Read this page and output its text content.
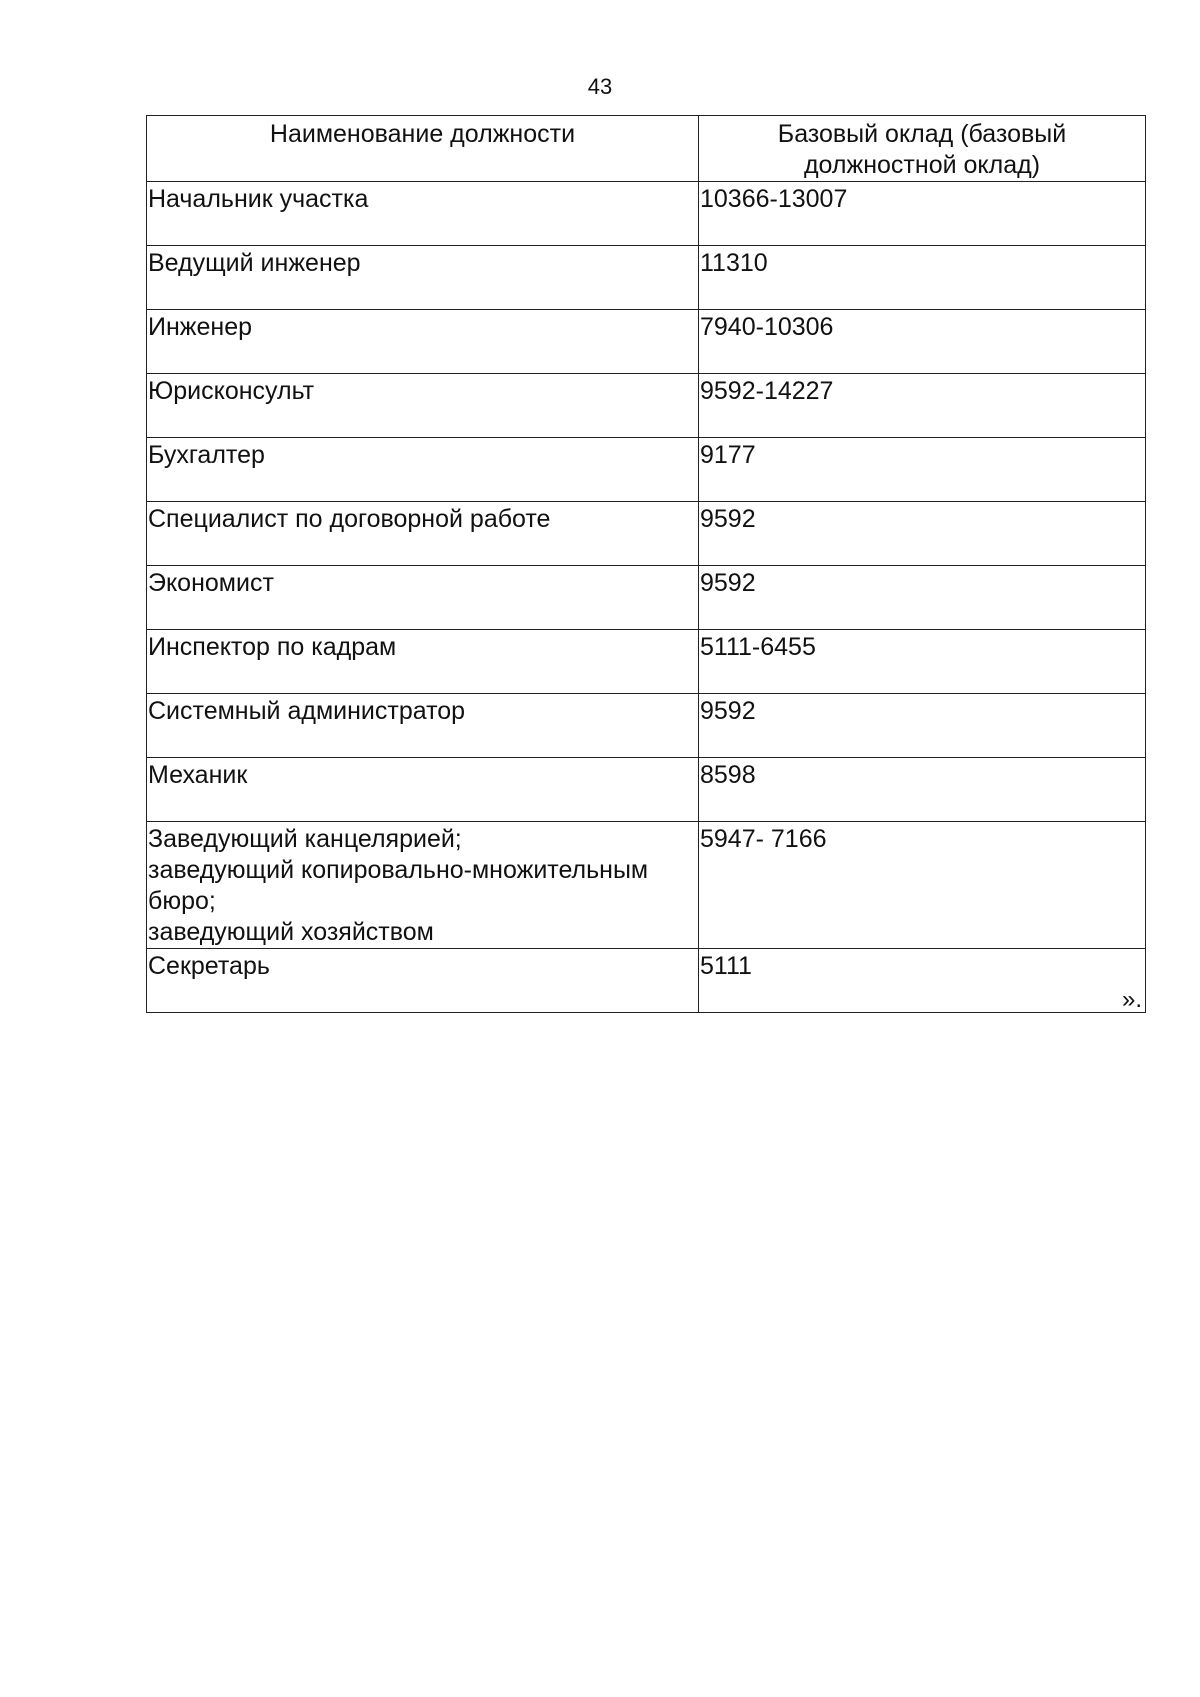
43
Наименование должности	Базовый оклад (базовый
должностной оклад)

Начальник участка	10366-13007
Ведущий инженер	11310
Инженер	7940-10306
Юрисконсульт	9592-14227
Бухгалтер	9177
Специалист по договорной работе	9592
Экономист	9592
Инспектор по кадрам	5111-6455
Системный администратор	9592
Механик	8598

Заведующий канцелярией;
заведующий копировально-множительным
бюро;
заведующий хозяйством	5947- 7166
Секретарь	5111
».
